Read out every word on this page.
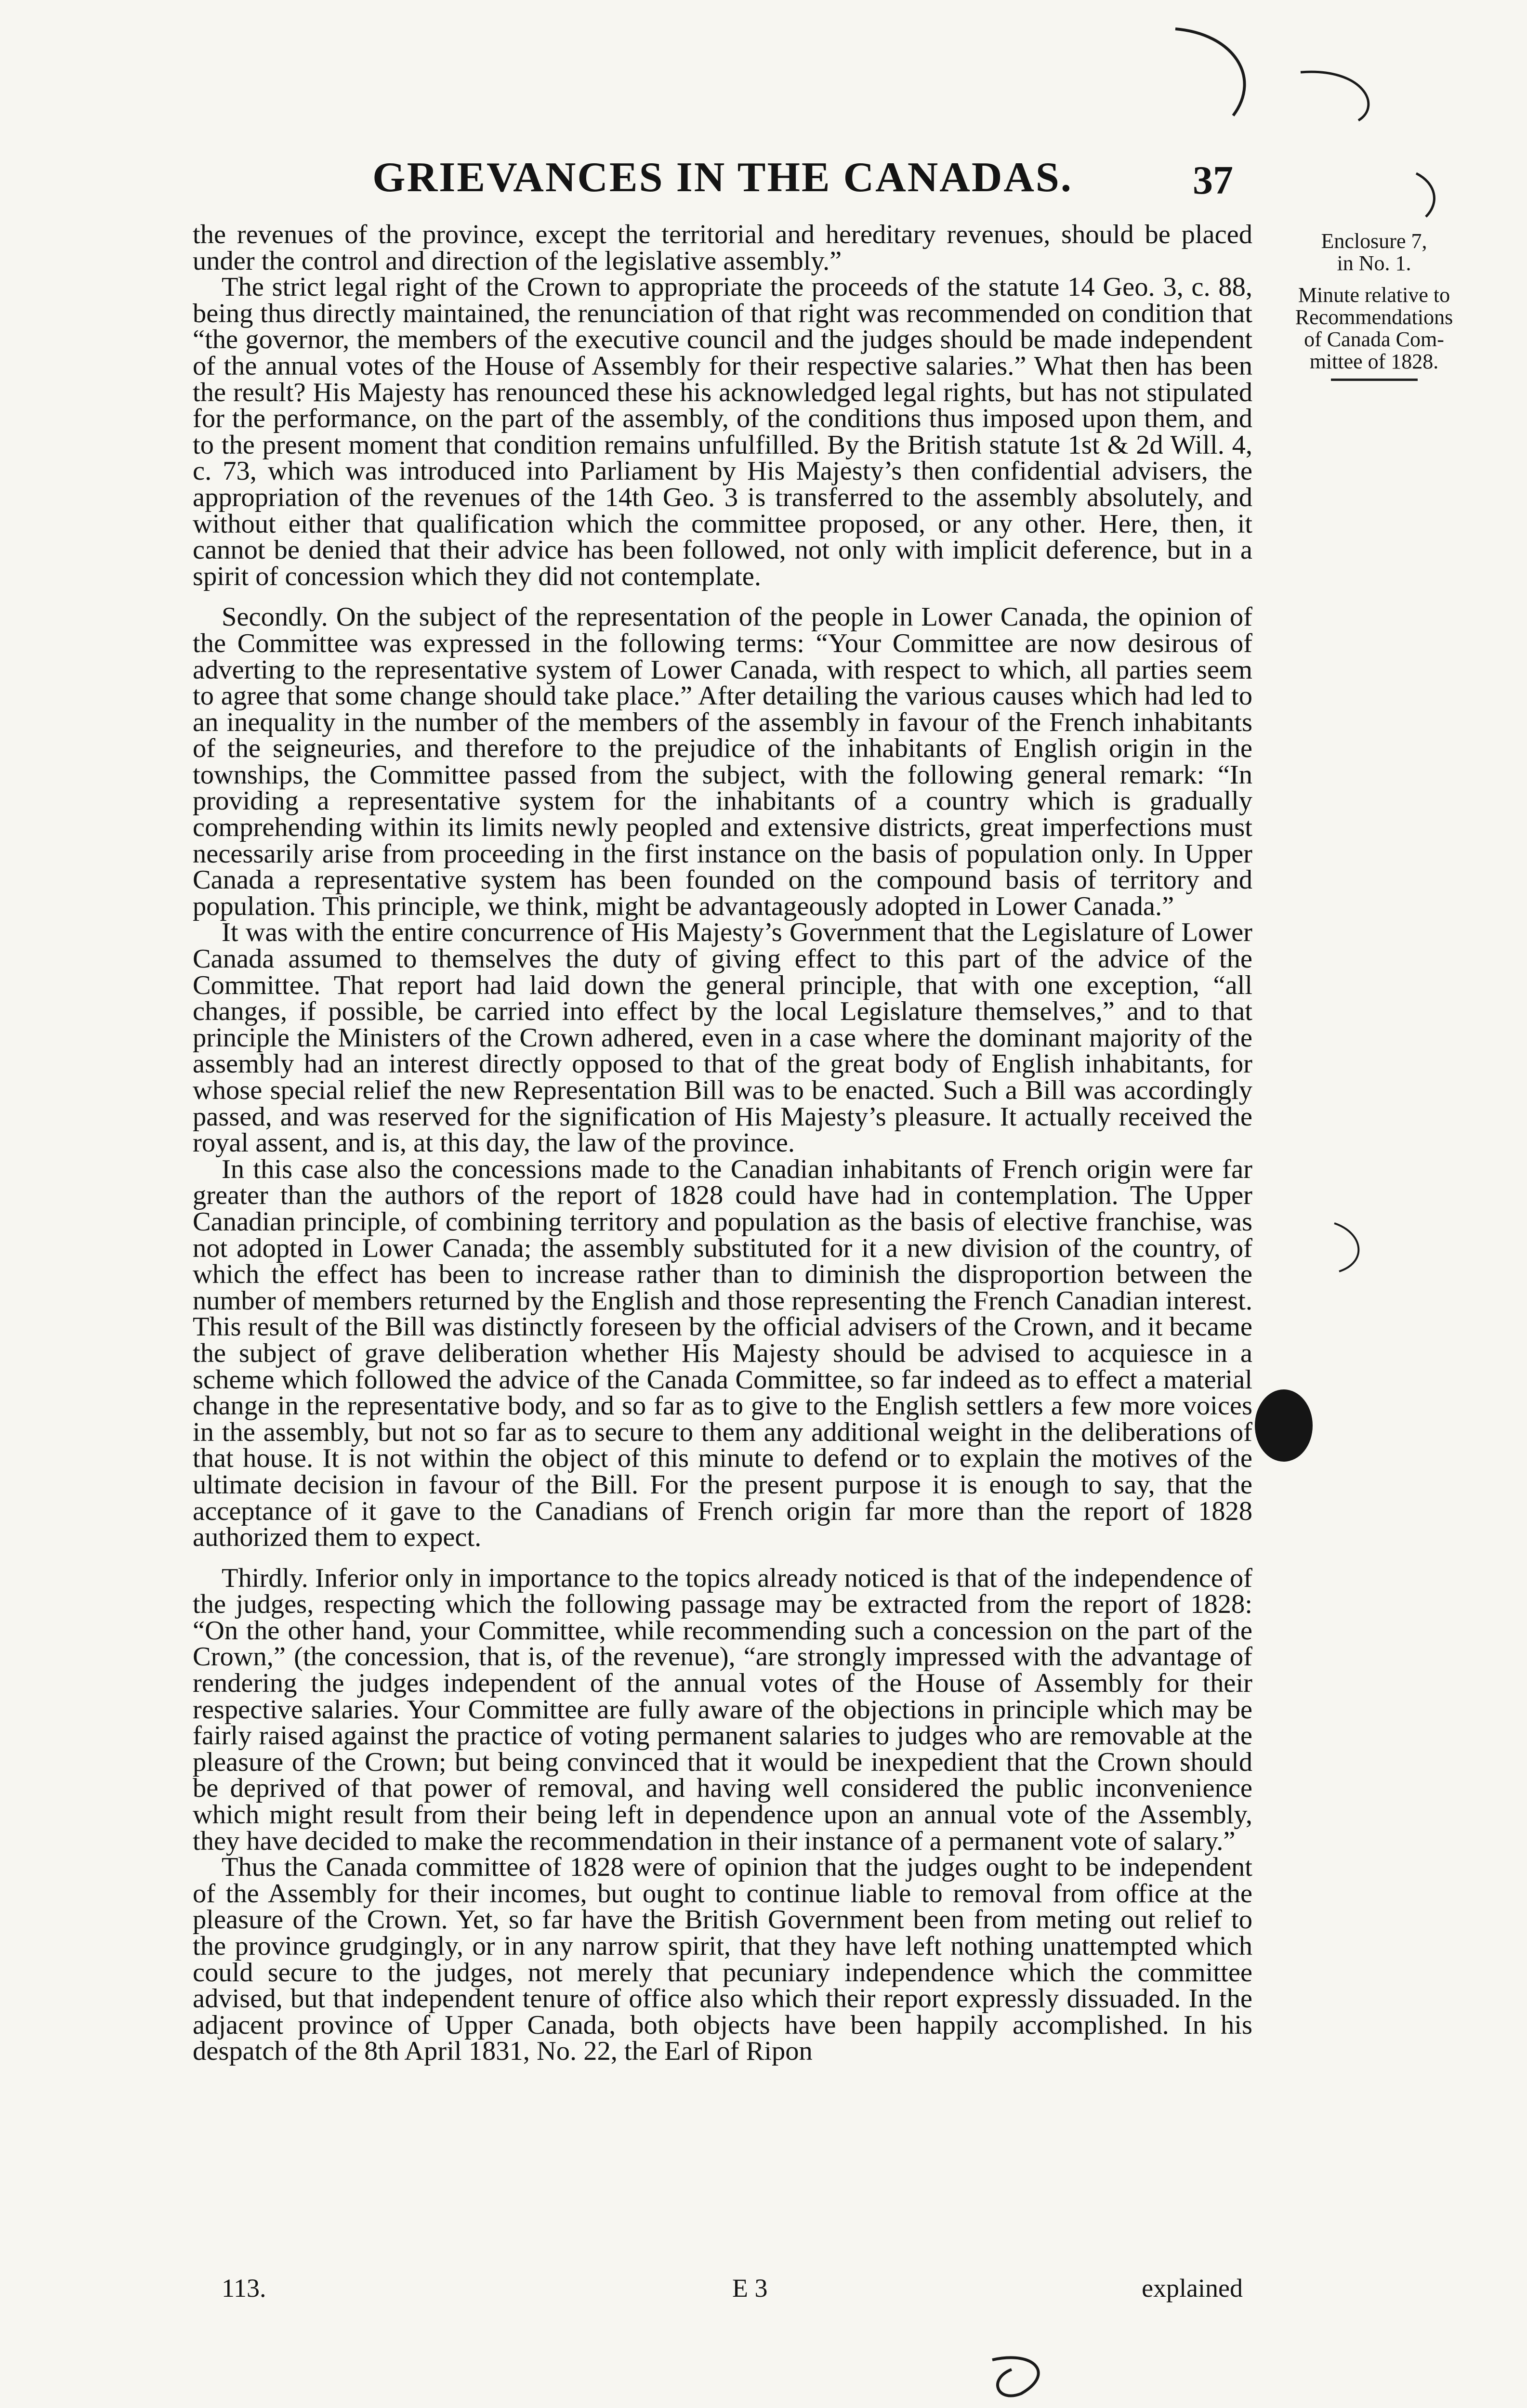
GRIEVANCES IN THE CANADAS.	37
Enclosure 7,
in No. 1.
Minute relative to
Recommendations
of Canada Com-
mittee of 1828.

the revenues of the province, except the territorial and hereditary revenues, should be placed under the control and direction of the legislative assembly.”

The strict legal right of the Crown to appropriate the proceeds of the statute 14 Geo. 3, c. 88, being thus directly maintained, the renunciation of that right was recommended on condition that “the governor, the members of the executive council and the judges should be made independent of the annual votes of the House of Assembly for their respective salaries.” What then has been the result? His Majesty has renounced these his acknowledged legal rights, but has not stipulated for the performance, on the part of the assembly, of the conditions thus imposed upon them, and to the present moment that condition remains unfulfilled. By the British statute 1st & 2d Will. 4, c. 73, which was introduced into Parliament by His Majesty’s then confidential advisers, the appropriation of the revenues of the 14th Geo. 3 is transferred to the assembly absolutely, and without either that qualification which the committee proposed, or any other. Here, then, it cannot be denied that their advice has been followed, not only with implicit deference, but in a spirit of concession which they did not contemplate.

Secondly. On the subject of the representation of the people in Lower Canada, the opinion of the Committee was expressed in the following terms: “Your Committee are now desirous of adverting to the representative system of Lower Canada, with respect to which, all parties seem to agree that some change should take place.” After detailing the various causes which had led to an inequality in the number of the members of the assembly in favour of the French inhabitants of the seigneuries, and therefore to the prejudice of the inhabitants of English origin in the townships, the Committee passed from the subject, with the following general remark: “In providing a representative system for the inhabitants of a country which is gradually comprehending within its limits newly peopled and extensive districts, great imperfections must necessarily arise from proceeding in the first instance on the basis of population only. In Upper Canada a representative system has been founded on the compound basis of territory and population. This principle, we think, might be advantageously adopted in Lower Canada.”

It was with the entire concurrence of His Majesty’s Government that the Legislature of Lower Canada assumed to themselves the duty of giving effect to this part of the advice of the Committee. That report had laid down the general principle, that with one exception, “all changes, if possible, be carried into effect by the local Legislature themselves,” and to that principle the Ministers of the Crown adhered, even in a case where the dominant majority of the assembly had an interest directly opposed to that of the great body of English inhabitants, for whose special relief the new Representation Bill was to be enacted. Such a Bill was accordingly passed, and was reserved for the signification of His Majesty’s pleasure. It actually received the royal assent, and is, at this day, the law of the province.

In this case also the concessions made to the Canadian inhabitants of French origin were far greater than the authors of the report of 1828 could have had in contemplation. The Upper Canadian principle, of combining territory and population as the basis of elective franchise, was not adopted in Lower Canada; the assembly substituted for it a new division of the country, of which the effect has been to increase rather than to diminish the disproportion between the number of members returned by the English and those representing the French Canadian interest. This result of the Bill was distinctly foreseen by the official advisers of the Crown, and it became the subject of grave deliberation whether His Majesty should be advised to acquiesce in a scheme which followed the advice of the Canada Committee, so far indeed as to effect a material change in the representative body, and so far as to give to the English settlers a few more voices in the assembly, but not so far as to secure to them any additional weight in the deliberations of that house. It is not within the object of this minute to defend or to explain the motives of the ultimate decision in favour of the Bill. For the present purpose it is enough to say, that the acceptance of it gave to the Canadians of French origin far more than the report of 1828 authorized them to expect.

Thirdly. Inferior only in importance to the topics already noticed is that of the independence of the judges, respecting which the following passage may be extracted from the report of 1828: “On the other hand, your Committee, while recommending such a concession on the part of the Crown,” (the concession, that is, of the revenue), “are strongly impressed with the advantage of rendering the judges independent of the annual votes of the House of Assembly for their respective salaries. Your Committee are fully aware of the objections in principle which may be fairly raised against the practice of voting permanent salaries to judges who are removable at the pleasure of the Crown; but being convinced that it would be inexpedient that the Crown should be deprived of that power of removal, and having well considered the public inconvenience which might result from their being left in dependence upon an annual vote of the Assembly, they have decided to make the recommendation in their instance of a permanent vote of salary.”

Thus the Canada committee of 1828 were of opinion that the judges ought to be independent of the Assembly for their incomes, but ought to continue liable to removal from office at the pleasure of the Crown. Yet, so far have the British Government been from meting out relief to the province grudgingly, or in any narrow spirit, that they have left nothing unattempted which could secure to the judges, not merely that pecuniary independence which the committee advised, but that independent tenure of office also which their report expressly dissuaded. In the adjacent province of Upper Canada, both objects have been happily accomplished. In his despatch of the 8th April 1831, No. 22, the Earl of Ripon

113.	E 3	explained
